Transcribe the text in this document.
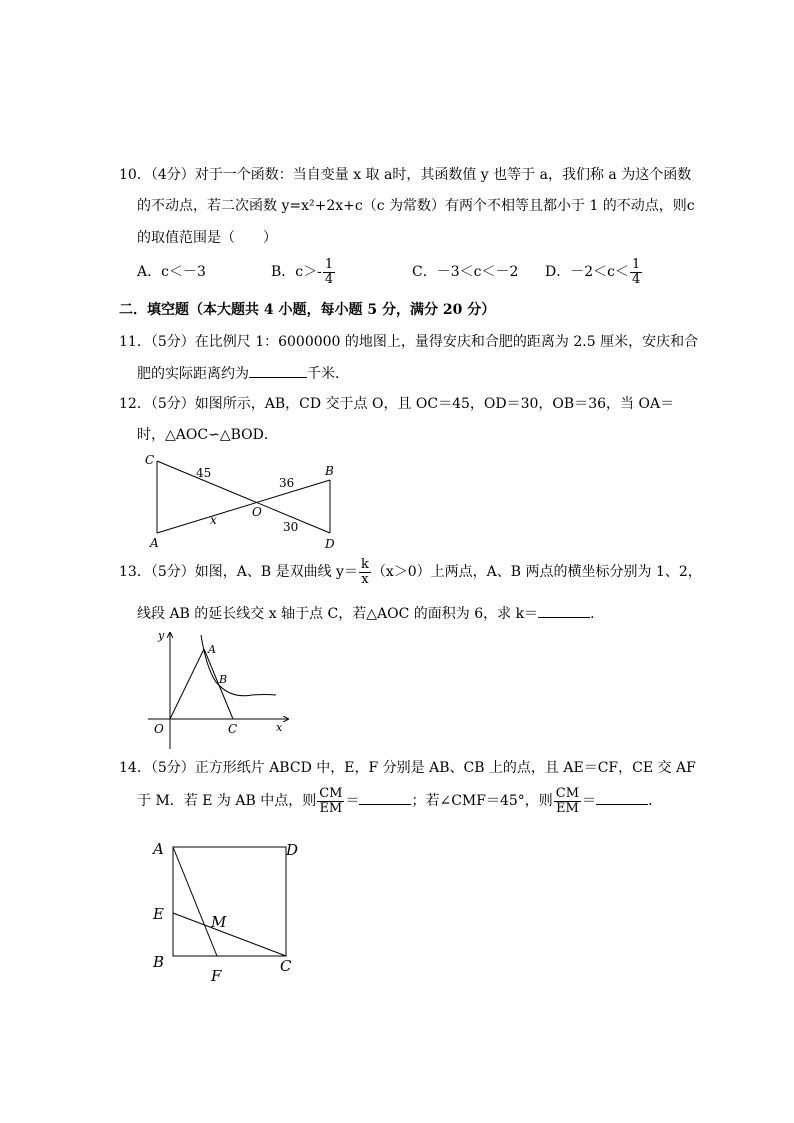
10．（4分）对于一个函数：当自变量 x 取 a时，其函数值 y 也等于 a，我们称 a 为这个函数
的不动点，若二次函数 y=x²+2x+c（c 为常数）有两个不相等且都小于 1 的不动点，则c
的取值范围是（　　）
A．c＜－3	B．$c>- \frac{1}{4}$	C．－3＜c＜－2 D．$-2<c< \frac{1}{4}$
二．填空题（本大题共 4 小题，每小题 5 分，满分 20 分）
11．（5分）在比例尺 1：6000000 的地图上，量得安庆和合肥的距离为 2.5 厘米，安庆和合
肥的实际距离约为	千米．
12．（5分）如图所示，AB，CD 交于点 O，且 OC＝45，OD＝30，OB＝36，当 OA＝
时，△AOC∽△BOD．
C
A
B
D
O
45
36
30
x
13．（5分）如图，A、B 是双曲线 $y= \frac{k}{x} (x>0)$上两点，A、B 两点的横坐标分别为 1、2，
线段 AB 的延长线交 x 轴于点 C，若△AOC 的面积为 6，求 k＝	．
y
x
O
A
B
C
14．（5分）正方形纸片 ABCD 中，E，F 分别是 AB、CB 上的点，且 AE＝CF，CE 交 AF
于 M．若 E 为 AB 中点，则 $\frac{CM}{EM}$ ＝	；若∠CMF＝45°，则 $\frac{CM}{EM}$ ＝	．
A	D
E	M
B
F
C
